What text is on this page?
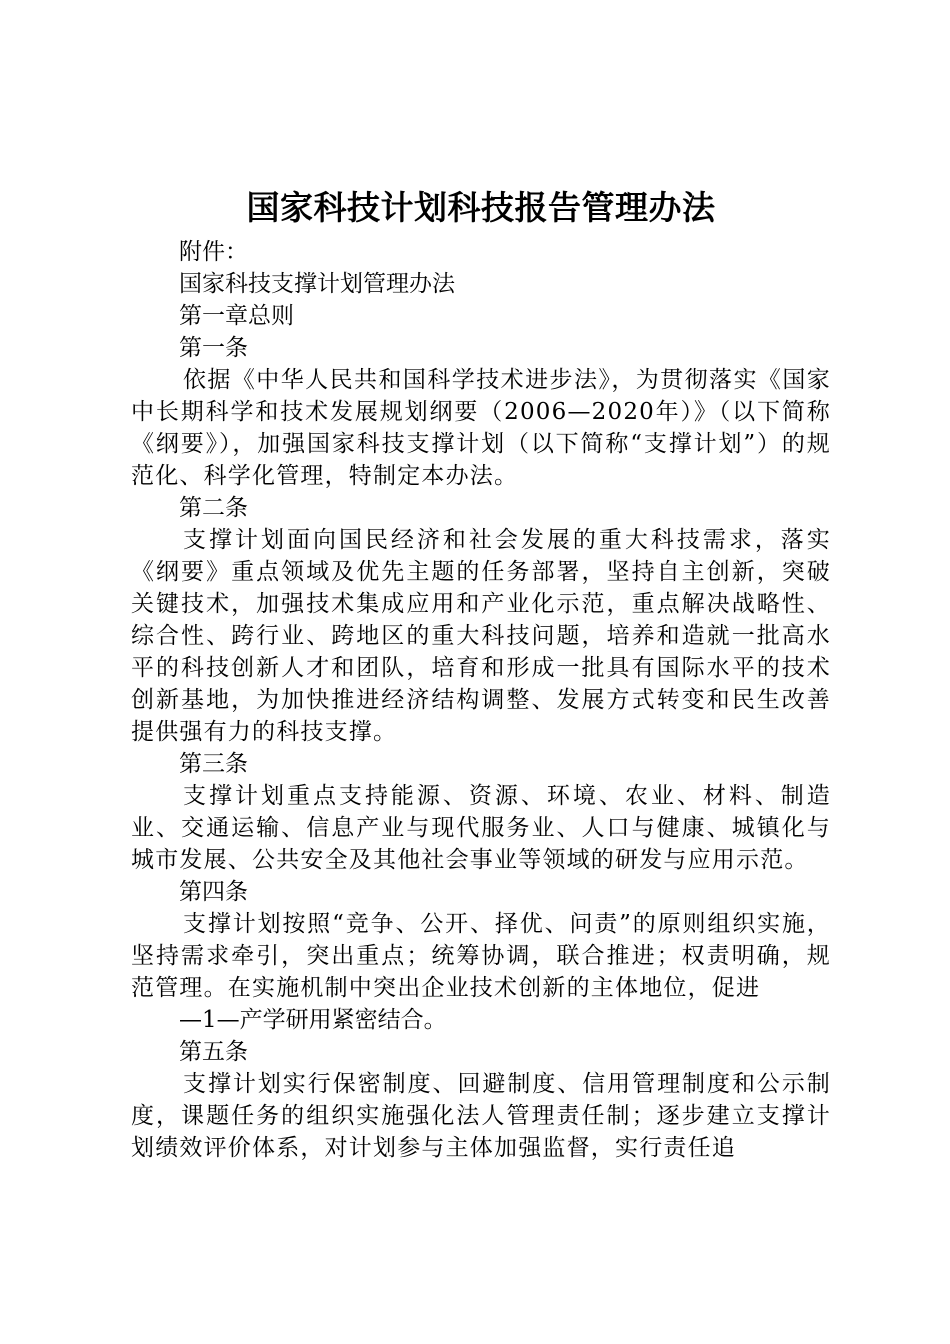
国家科技计划科技报告管理办法

附件：

国家科技支撑计划管理办法

第一章总则

第一条

依据《中华人民共和国科学技术进步法》，为贯彻落实《国家中长期科学和技术发展规划纲要（2006—2020年）》（以下简称《纲要》），加强国家科技支撑计划（以下简称“支撑计划”）的规范化、科学化管理，特制定本办法。

第二条

支撑计划面向国民经济和社会发展的重大科技需求，落实《纲要》重点领域及优先主题的任务部署，坚持自主创新，突破关键技术，加强技术集成应用和产业化示范，重点解决战略性、综合性、跨行业、跨地区的重大科技问题，培养和造就一批高水平的科技创新人才和团队，培育和形成一批具有国际水平的技术创新基地，为加快推进经济结构调整、发展方式转变和民生改善提供强有力的科技支撑。

第三条

支撑计划重点支持能源、资源、环境、农业、材料、制造业、交通运输、信息产业与现代服务业、人口与健康、城镇化与城市发展、公共安全及其他社会事业等领域的研发与应用示范。

第四条

支撑计划按照“竞争、公开、择优、问责”的原则组织实施，坚持需求牵引，突出重点；统筹协调，联合推进；权责明确，规范管理。在实施机制中突出企业技术创新的主体地位，促进

—1—产学研用紧密结合。

第五条

支撑计划实行保密制度、回避制度、信用管理制度和公示制度，课题任务的组织实施强化法人管理责任制；逐步建立支撑计划绩效评价体系，对计划参与主体加强监督，实行责任追
